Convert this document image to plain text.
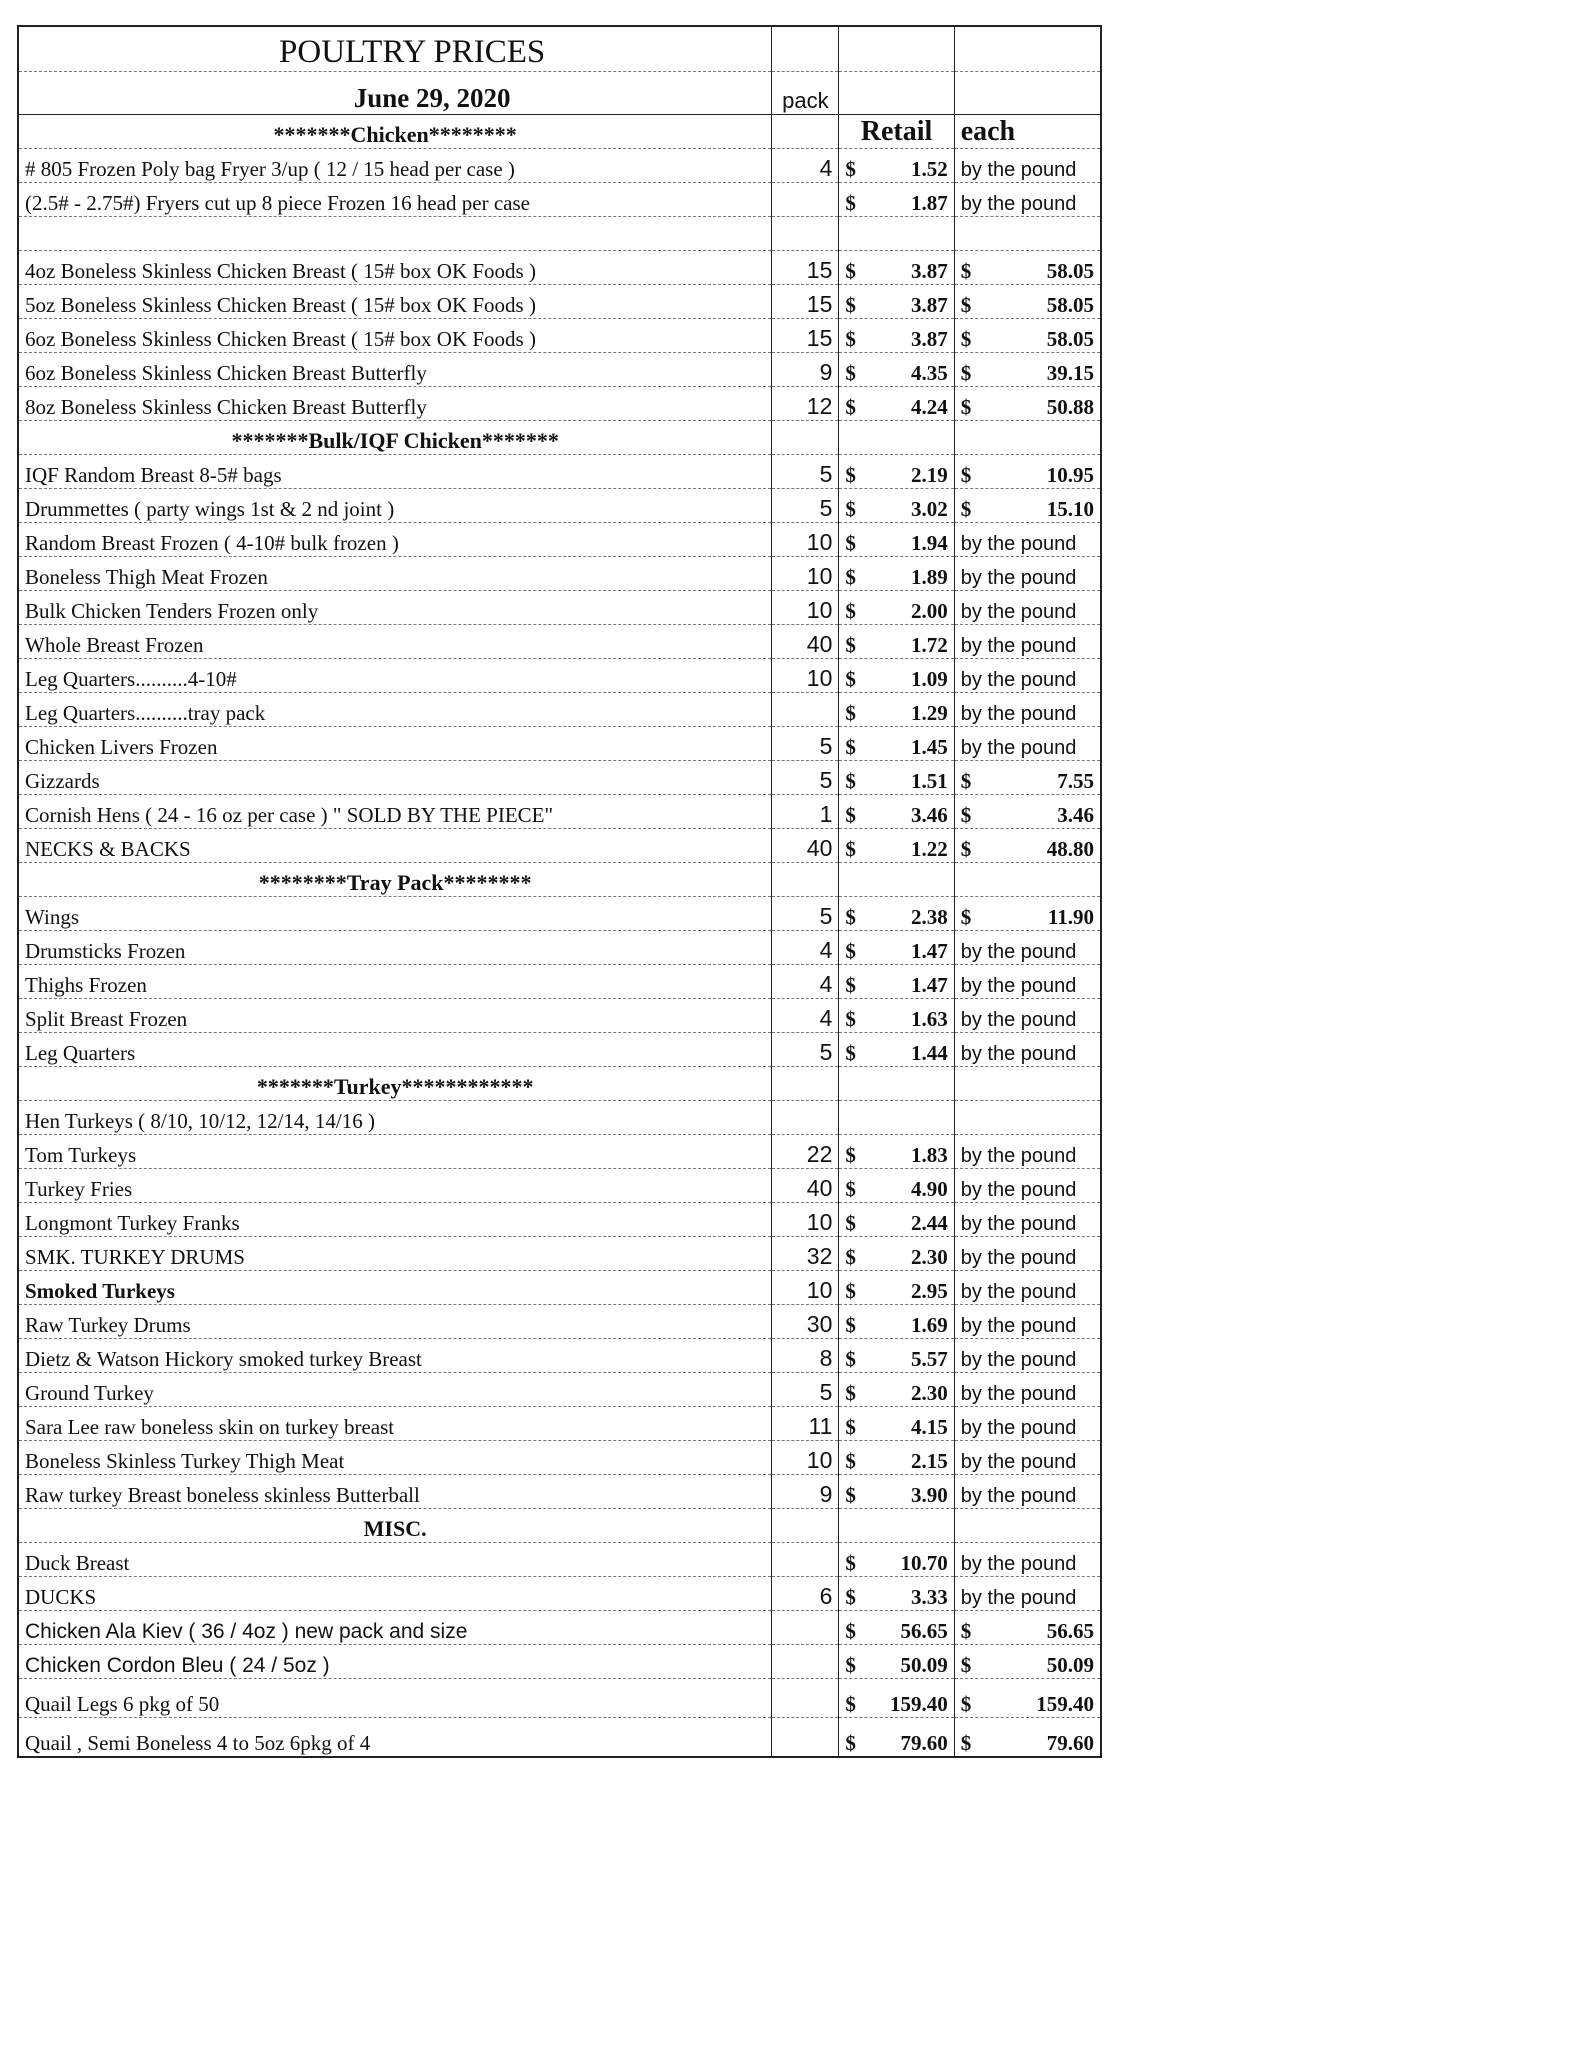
POULTRY PRICES			
June 29, 2020	pack		
*******Chicken********		Retail	each
# 805 Frozen Poly bag Fryer 3/up ( 12 / 15 head per case )	4	$ 1.52	by the pound
(2.5# - 2.75#) Fryers cut up 8 piece Frozen 16 head per case		$ 1.87	by the pound

4oz Boneless Skinless Chicken Breast ( 15# box OK Foods )	15	$ 3.87	$ 58.05

5oz Boneless Skinless Chicken Breast ( 15# box OK Foods )	15	$ 3.87	$ 58.05

6oz Boneless Skinless Chicken Breast ( 15# box OK Foods )	15	$ 3.87	$ 58.05

6oz Boneless Skinless Chicken Breast Butterfly	9	$ 4.35	$ 39.15

8oz Boneless Skinless Chicken Breast Butterfly	12	$ 4.24	$ 50.88

*******Bulk/IQF Chicken*******			
IQF Random Breast 8-5# bags	5	$ 2.19	$ 10.95

Drummettes ( party wings 1st & 2 nd joint )	5	$ 3.02	$ 15.10

Random Breast Frozen ( 4-10# bulk frozen )	10	$ 1.94	by the pound
Boneless Thigh Meat Frozen	10	$ 1.89	by the pound
Bulk Chicken Tenders Frozen only	10	$ 2.00	by the pound
Whole Breast Frozen	40	$ 1.72	by the pound
Leg Quarters..........4-10#	10	$ 1.09	by the pound
Leg Quarters..........tray pack		$ 1.29	by the pound
Chicken Livers Frozen	5	$ 1.45	by the pound
Gizzards	5	$ 1.51	$ 7.55

Cornish Hens ( 24 - 16 oz per case ) " SOLD BY THE PIECE"	1	$ 3.46	$ 3.46

NECKS & BACKS	40	$ 1.22	$ 48.80

********Tray Pack********			
Wings	5	$ 2.38	$ 11.90

Drumsticks Frozen	4	$ 1.47	by the pound
Thighs Frozen	4	$ 1.47	by the pound
Split Breast Frozen	4	$ 1.63	by the pound
Leg Quarters	5	$ 1.44	by the pound
*******Turkey************			
Hen Turkeys ( 8/10, 10/12, 12/14, 14/16 )			
Tom Turkeys	22	$ 1.83	by the pound
Turkey Fries	40	$ 4.90	by the pound
Longmont Turkey Franks	10	$ 2.44	by the pound
SMK. TURKEY DRUMS	32	$ 2.30	by the pound
Smoked Turkeys	10	$ 2.95	by the pound
Raw Turkey Drums	30	$ 1.69	by the pound
Dietz & Watson Hickory smoked turkey Breast	8	$ 5.57	by the pound
Ground Turkey	5	$ 2.30	by the pound
Sara Lee raw boneless skin on turkey breast	11	$ 4.15	by the pound
Boneless Skinless Turkey Thigh Meat	10	$ 2.15	by the pound
Raw turkey Breast boneless skinless Butterball	9	$ 3.90	by the pound
MISC.			
Duck Breast		$ 10.70	by the pound
DUCKS	6	$ 3.33	by the pound
Chicken Ala Kiev ( 36 / 4oz ) new pack and size		$ 56.65	$ 56.65

Chicken Cordon Bleu ( 24 / 5oz )		$ 50.09	$ 50.09

Quail Legs 6 pkg of 50		$ 159.40	$ 159.40

Quail , Semi Boneless 4 to 5oz 6pkg of 4		$ 79.60	$ 79.60
